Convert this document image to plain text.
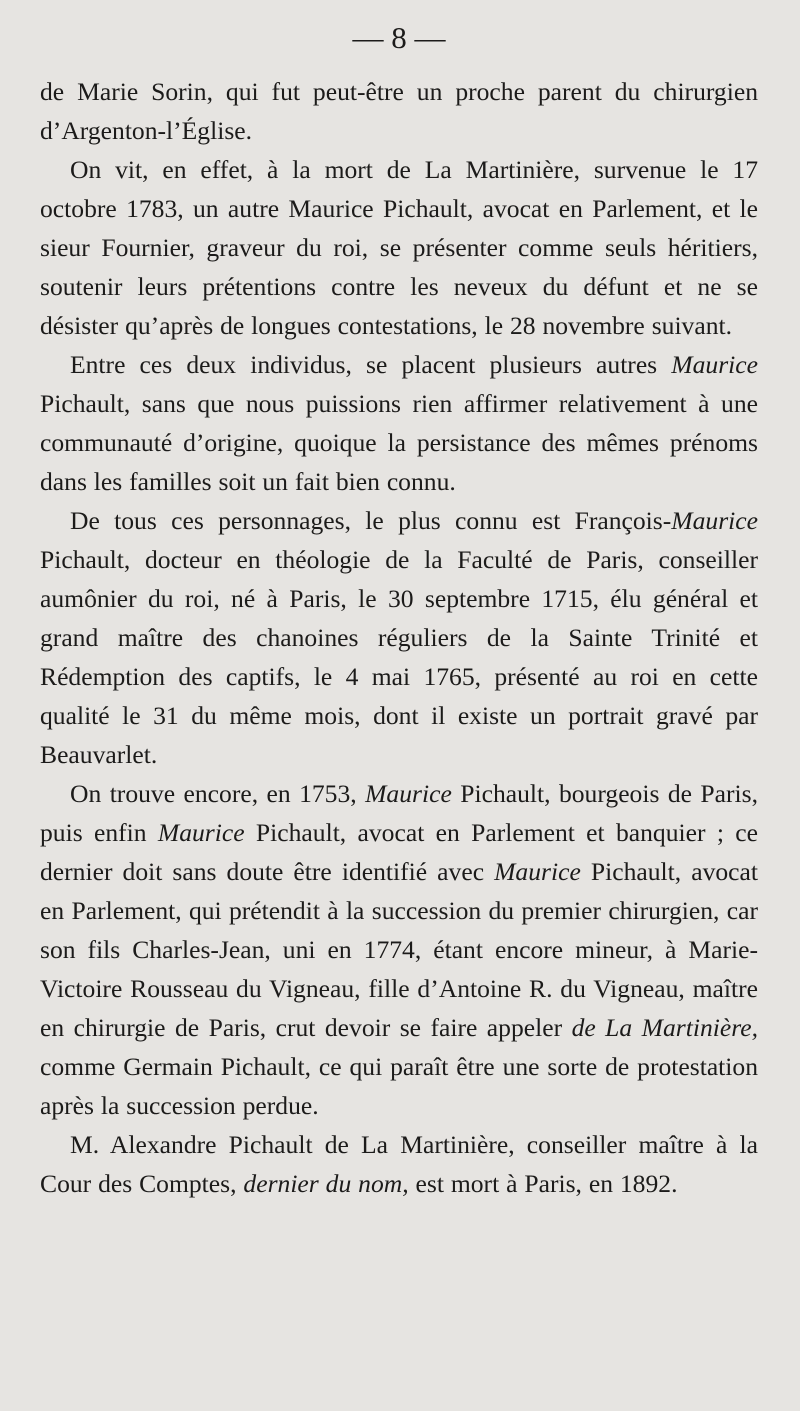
— 8 —

de Marie Sorin, qui fut peut-être un proche parent du chirurgien d’Argenton-l’Église.

On vit, en effet, à la mort de La Martinière, survenue le 17 octobre 1783, un autre Maurice Pichault, avocat en Parlement, et le sieur Fournier, graveur du roi, se présenter comme seuls héritiers, soutenir leurs prétentions contre les neveux du défunt et ne se désister qu’après de longues contestations, le 28 novembre suivant.

Entre ces deux individus, se placent plusieurs autres Maurice Pichault, sans que nous puissions rien affirmer relativement à une communauté d’origine, quoique la persistance des mêmes prénoms dans les familles soit un fait bien connu.

De tous ces personnages, le plus connu est François-Maurice Pichault, docteur en théologie de la Faculté de Paris, conseiller aumônier du roi, né à Paris, le 30 septembre 1715, élu général et grand maître des chanoines réguliers de la Sainte Trinité et Rédemption des captifs, le 4 mai 1765, présenté au roi en cette qualité le 31 du même mois, dont il existe un portrait gravé par Beauvarlet.

On trouve encore, en 1753, Maurice Pichault, bourgeois de Paris, puis enfin Maurice Pichault, avocat en Parlement et banquier ; ce dernier doit sans doute être identifié avec Maurice Pichault, avocat en Parlement, qui prétendit à la succession du premier chirurgien, car son fils Charles-Jean, uni en 1774, étant encore mineur, à Marie-Victoire Rousseau du Vigneau, fille d’Antoine R. du Vigneau, maître en chirurgie de Paris, crut devoir se faire appeler de La Martinière, comme Germain Pichault, ce qui paraît être une sorte de protestation après la succession perdue.

M. Alexandre Pichault de La Martinière, conseiller maître à la Cour des Comptes, dernier du nom, est mort à Paris, en 1892.
